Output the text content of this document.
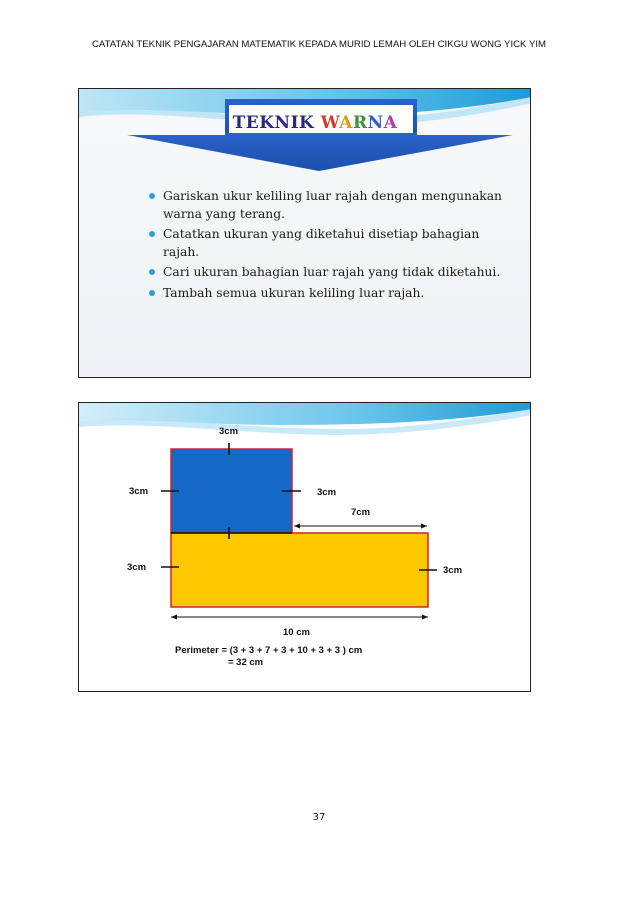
CATATAN TEKNIK PENGAJARAN MATEMATIK KEPADA MURID LEMAH OLEH CIKGU WONG YICK YIM
TEKNIK WARNA
Gariskan ukur keliling luar rajah dengan mengunakan warna yang terang.
Catatkan ukuran yang diketahui disetiap bahagian rajah.
Cari ukuran bahagian luar rajah yang tidak diketahui.
Tambah semua ukuran keliling luar rajah.
3cm
3cm	3cm
7cm
3cm	3cm
10 cm
Perimeter = (3 + 3 + 7 + 3 + 10 + 3 + 3 ) cm
= 32 cm
37
